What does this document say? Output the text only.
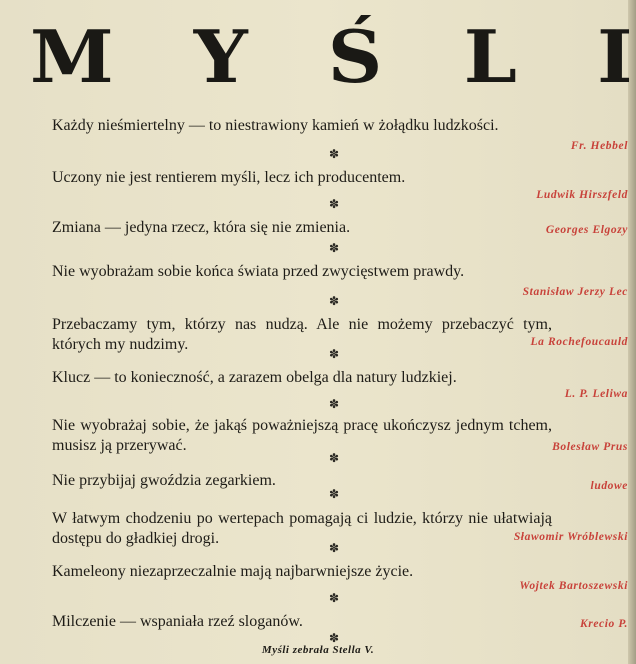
M Y Ś L I
Każdy nieśmiertelny — to niestrawiony kamień w żołądku ludzkości.
Fr. Hebbel
✽
Uczony nie jest rentierem myśli, lecz ich producentem.
Ludwik Hirszfeld
✽
Zmiana — jedyna rzecz, która się nie zmienia.	Georges Elgozy
✽
Nie wyobrażam sobie końca świata przed zwycięstwem prawdy.
Stanisław Jerzy Lec
✽
Przebaczamy tym, którzy nas nudzą. Ale nie możemy przebaczyć tym, których my nudzimy.	La Rochefoucauld
✽
Klucz — to konieczność, a zarazem obelga dla natury ludzkiej.
L. P. Leliwa
✽
Nie wyobrażaj sobie, że jakąś poważniejszą pracę ukończysz jednym tchem, musisz ją przerywać.	Bolesław Prus
✽
Nie przybijaj gwoździa zegarkiem.	ludowe
✽
W łatwym chodzeniu po wertepach pomagają ci ludzie, którzy nie ułatwiają dostępu do gładkiej drogi.	Sławomir Wróblewski
✽
Kameleony niezaprzeczalnie mają najbarwniejsze życie.
Wojtek Bartoszewski
✽
Milczenie — wspaniała rzeź sloganów.	Krecio P.
✽
Myśli zebrała Stella V.
